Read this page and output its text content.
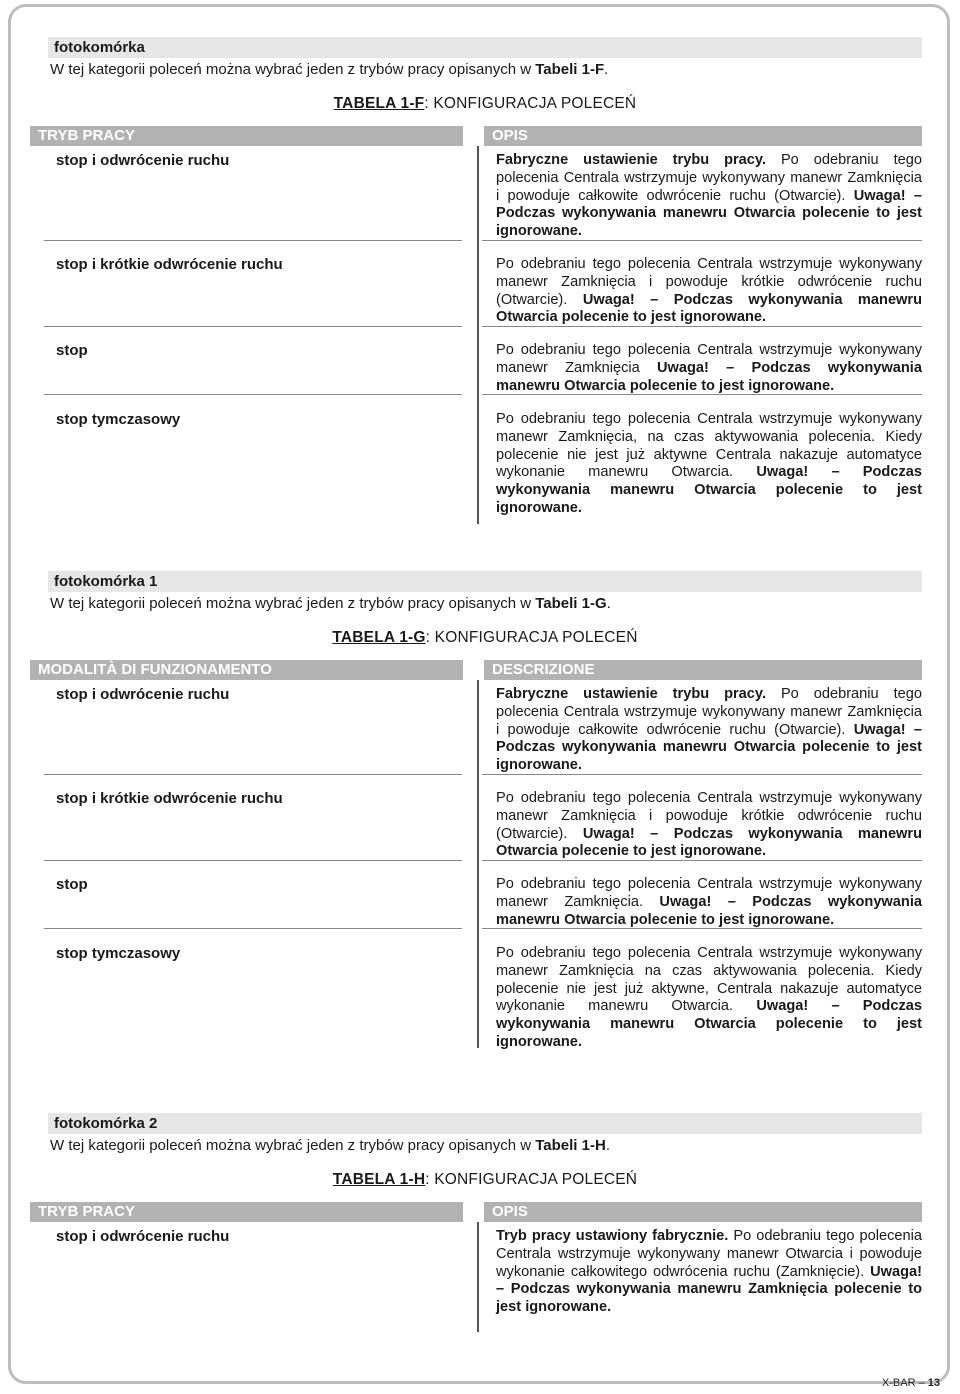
fotokomórka
W tej kategorii poleceń można wybrać jeden z trybów pracy opisanych w Tabeli 1-F.
TABELA 1-F: KONFIGURACJA POLECEŃ
TRYB PRACY	OPIS
stop i odwrócenie ruchu	Fabryczne ustawienie trybu pracy. Po odebraniu tego polecenia Centrala wstrzymuje wykonywany manewr Zamknięcia i powoduje całkowite odwrócenie ruchu (Otwarcie). Uwaga! – Podczas wykonywania manewru Otwarcia polecenie to jest ignorowane.
stop i krótkie odwrócenie ruchu	Po odebraniu tego polecenia Centrala wstrzymuje wykonywany manewr Zamknięcia i powoduje krótkie odwrócenie ruchu (Otwarcie). Uwaga! – Podczas wykonywania manewru Otwarcia polecenie to jest ignorowane.
stop	Po odebraniu tego polecenia Centrala wstrzymuje wykonywany manewr Zamknięcia Uwaga! – Podczas wykonywania manewru Otwarcia polecenie to jest ignorowane.
stop tymczasowy	Po odebraniu tego polecenia Centrala wstrzymuje wykonywany manewr Zamknięcia, na czas aktywowania polecenia. Kiedy polecenie nie jest już aktywne Centrala nakazuje automatyce wykonanie manewru Otwarcia. Uwaga! – Podczas wykonywania manewru Otwarcia polecenie to jest ignorowane.
fotokomórka 1
W tej kategorii poleceń można wybrać jeden z trybów pracy opisanych w Tabeli 1-G.
TABELA 1-G: KONFIGURACJA POLECEŃ
MODALITÀ DI FUNZIONAMENTO	DESCRIZIONE
stop i odwrócenie ruchu	Fabryczne ustawienie trybu pracy. Po odebraniu tego polecenia Centrala wstrzymuje wykonywany manewr Zamknięcia i powoduje całkowite odwrócenie ruchu (Otwarcie). Uwaga! – Podczas wykonywania manewru Otwarcia polecenie to jest ignorowane.
stop i krótkie odwrócenie ruchu	Po odebraniu tego polecenia Centrala wstrzymuje wykonywany manewr Zamknięcia i powoduje krótkie odwrócenie ruchu (Otwarcie). Uwaga! – Podczas wykonywania manewru Otwarcia polecenie to jest ignorowane.
stop	Po odebraniu tego polecenia Centrala wstrzymuje wykonywany manewr Zamknięcia. Uwaga! – Podczas wykonywania manewru Otwarcia polecenie to jest ignorowane.
stop tymczasowy	Po odebraniu tego polecenia Centrala wstrzymuje wykonywany manewr Zamknięcia na czas aktywowania polecenia. Kiedy polecenie nie jest już aktywne, Centrala nakazuje automatyce wykonanie manewru Otwarcia. Uwaga! – Podczas wykonywania manewru Otwarcia polecenie to jest ignorowane.
fotokomórka 2
W tej kategorii poleceń można wybrać jeden z trybów pracy opisanych w Tabeli 1-H.
TABELA 1-H: KONFIGURACJA POLECEŃ
TRYB PRACY	OPIS
stop i odwrócenie ruchu	Tryb pracy ustawiony fabrycznie. Po odebraniu tego polecenia Centrala wstrzymuje wykonywany manewr Otwarcia i powoduje wykonanie całkowitego odwrócenia ruchu (Zamknięcie). Uwaga! – Podczas wykonywania manewru Zamknięcia polecenie to jest ignorowane.
X-BAR – 13
